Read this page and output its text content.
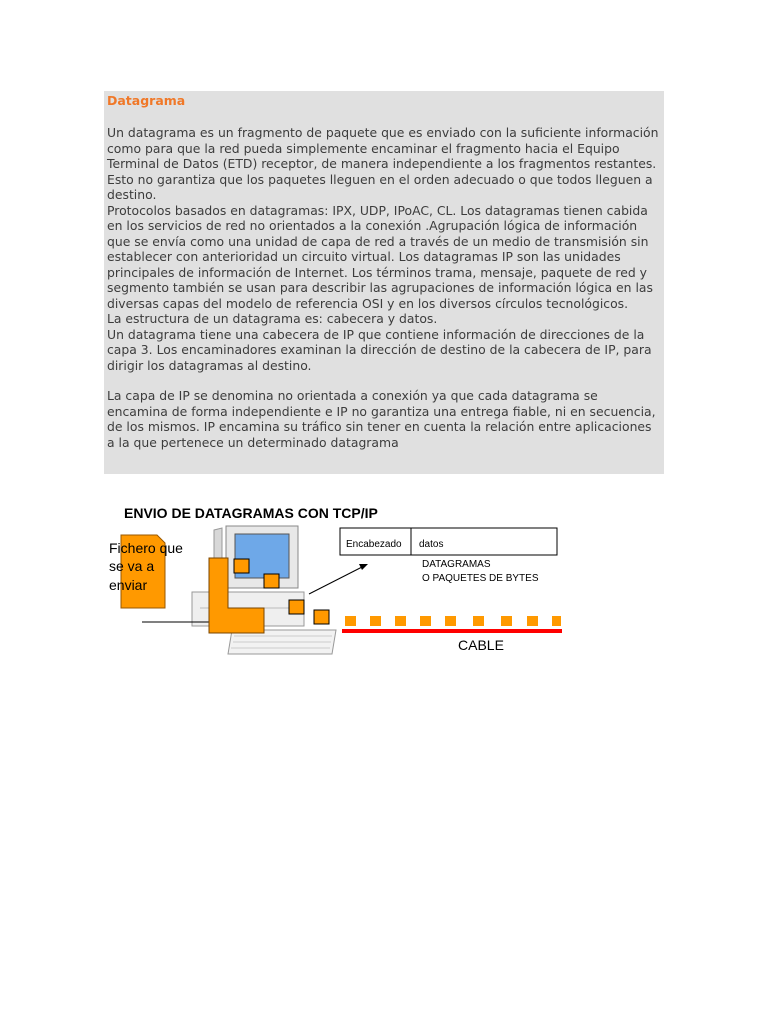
Datagrama

Un datagrama es un fragmento de paquete que es enviado con la suficiente información como para que la red pueda simplemente encaminar el fragmento hacia el Equipo Terminal de Datos (ETD) receptor, de manera independiente a los fragmentos restantes. Esto no garantiza que los paquetes lleguen en el orden adecuado o que todos lleguen a destino.

Protocolos basados en datagramas: IPX, UDP, IPoAC, CL. Los datagramas tienen cabida en los servicios de red no orientados a la conexión .Agrupación lógica de información que se envía como una unidad de capa de red a través de un medio de transmisión sin establecer con anterioridad un circuito virtual. Los datagramas IP son las unidades principales de información de Internet. Los términos trama, mensaje, paquete de red y segmento también se usan para describir las agrupaciones de información lógica en las diversas capas del modelo de referencia OSI y en los diversos círculos tecnológicos.

La estructura de un datagrama es: cabecera y datos.

Un datagrama tiene una cabecera de IP que contiene información de direcciones de la capa 3. Los encaminadores examinan la dirección de destino de la cabecera de IP, para dirigir los datagramas al destino.

La capa de IP se denomina no orientada a conexión ya que cada datagrama se encamina de forma independiente e IP no garantiza una entrega fiable, ni en secuencia, de los mismos. IP encamina su tráfico sin tener en cuenta la relación entre aplicaciones a la que pertenece un determinado datagrama

ENVIO DE DATAGRAMAS CON TCP/IP
Fichero que
se va a
enviar
Encabezado datos
DATAGRAMAS
O PAQUETES DE BYTES
CABLE
